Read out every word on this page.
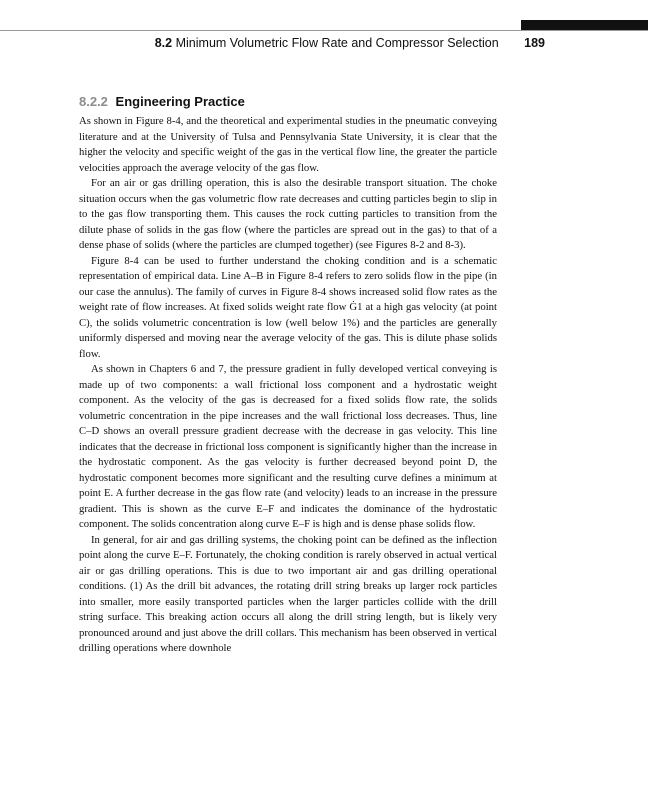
8.2 Minimum Volumetric Flow Rate and Compressor Selection 189
8.2.2 Engineering Practice

As shown in Figure 8-4, and the theoretical and experimental studies in the pneumatic conveying literature and at the University of Tulsa and Pennsylvania State University, it is clear that the higher the velocity and specific weight of the gas in the vertical flow line, the greater the particle velocities approach the average velocity of the gas flow.

For an air or gas drilling operation, this is also the desirable transport situation. The choke situation occurs when the gas volumetric flow rate decreases and cutting particles begin to slip in to the gas flow transporting them. This causes the rock cutting particles to transition from the dilute phase of solids in the gas flow (where the particles are spread out in the gas) to that of a dense phase of solids (where the particles are clumped together) (see Figures 8-2 and 8-3).

Figure 8-4 can be used to further understand the choking condition and is a schematic representation of empirical data. Line A–B in Figure 8-4 refers to zero solids flow in the pipe (in our case the annulus). The family of curves in Figure 8-4 shows increased solid flow rates as the weight rate of flow increases. At fixed solids weight rate flow Ġ1 at a high gas velocity (at point C), the solids volumetric concentration is low (well below 1%) and the particles are generally uniformly dispersed and moving near the average velocity of the gas. This is dilute phase solids flow.

As shown in Chapters 6 and 7, the pressure gradient in fully developed vertical conveying is made up of two components: a wall frictional loss component and a hydrostatic weight component. As the velocity of the gas is decreased for a fixed solids flow rate, the solids volumetric concentration in the pipe increases and the wall frictional loss decreases. Thus, line C–D shows an overall pressure gradient decrease with the decrease in gas velocity. This line indicates that the decrease in frictional loss component is significantly higher than the increase in the hydrostatic component. As the gas velocity is further decreased beyond point D, the hydrostatic component becomes more significant and the resulting curve defines a minimum at point E. A further decrease in the gas flow rate (and velocity) leads to an increase in the pressure gradient. This is shown as the curve E–F and indicates the dominance of the hydrostatic component. The solids concentration along curve E–F is high and is dense phase solids flow.

In general, for air and gas drilling systems, the choking point can be defined as the inflection point along the curve E–F. Fortunately, the choking condition is rarely observed in actual vertical air or gas drilling operations. This is due to two important air and gas drilling operational conditions. (1) As the drill bit advances, the rotating drill string breaks up larger rock particles into smaller, more easily transported particles when the larger particles collide with the drill string surface. This breaking action occurs all along the drill string length, but is likely very pronounced around and just above the drill collars. This mechanism has been observed in vertical drilling operations where downhole
